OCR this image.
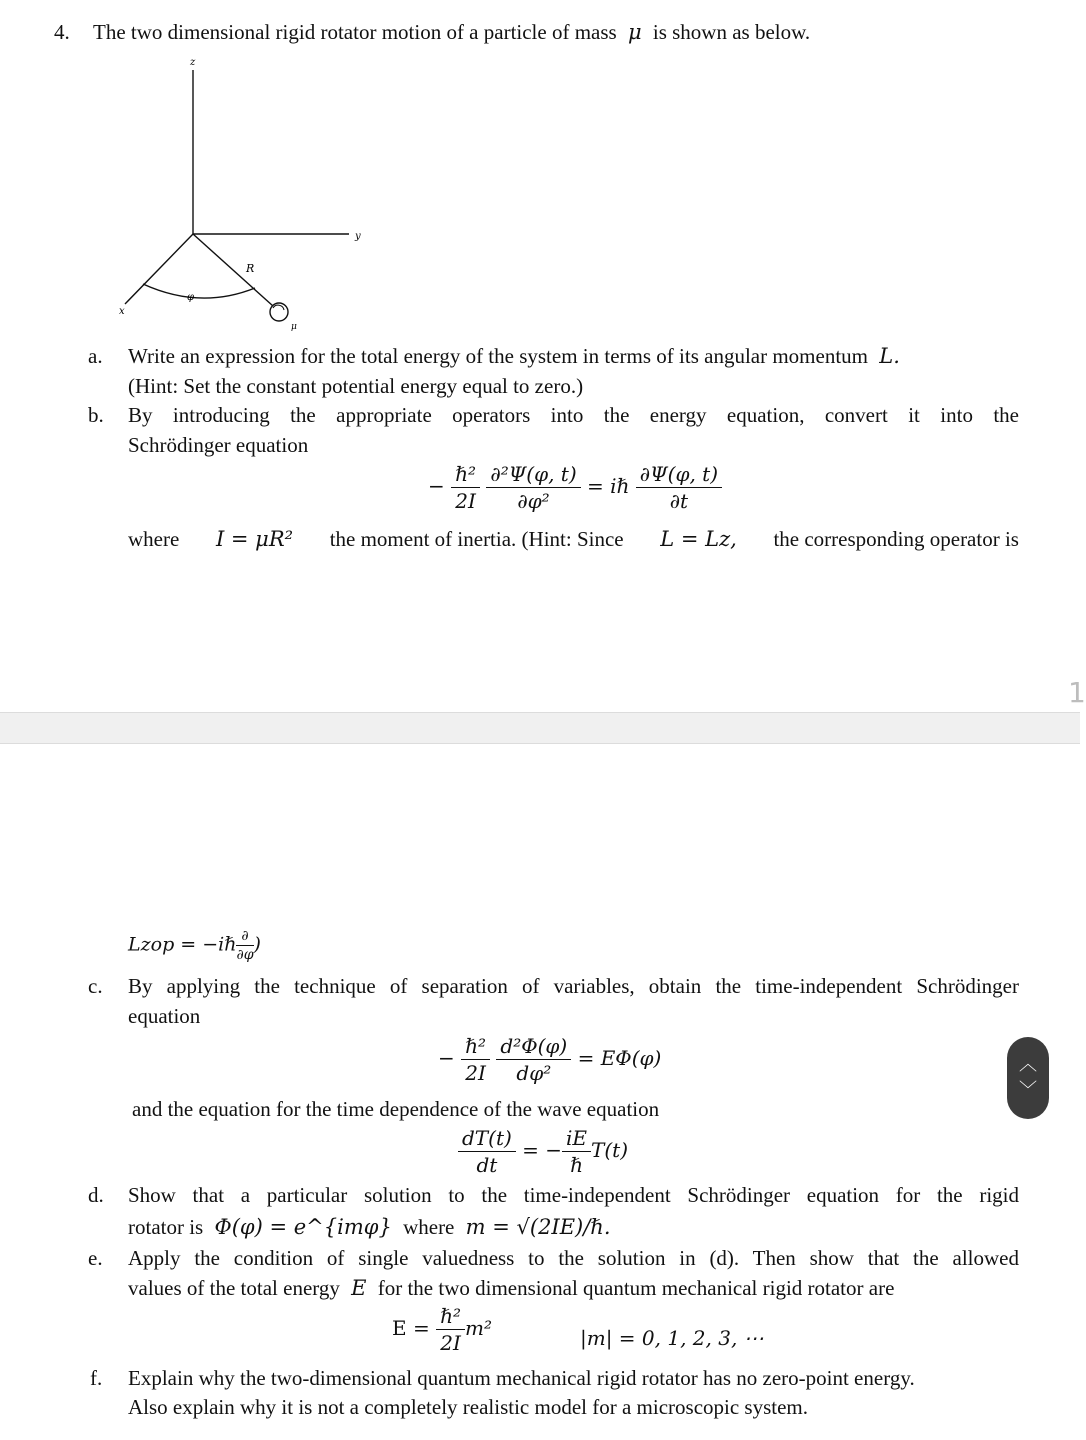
4. The two dimensional rigid rotator motion of a particle of mass μ is shown as below.
z
y
x
R
φ
μ
a. Write an expression for the total energy of the system in terms of its angular momentum L.
(Hint: Set the constant potential energy equal to zero.)
b. By introducing the appropriate operators into the energy equation, convert it into the
Schrödinger equation
− $\frac{\text{ℏ²}}{2I}$
$\frac{\text{∂²Ψ(φ, t)}}{\text{∂φ²}}$ = iℏ $\frac{\partial\Psi(\varphi, t)}{\partial t}$
where I = μR² the moment of inertia. (Hint: Since L = Lz, the corresponding operator is
1
Lzop = −iℏ $\frac{\partial}{\partial\varphi}$ )
c. By applying the technique of separation of variables, obtain the time-independent Schrödinger
equation
− $\frac{\text{ℏ²}}{2I}$
$\frac{\text{d²Φ(φ)}}{\text{dφ²}} = E\Phi(\varphi)$
and the equation for the time dependence of the wave equation
$\frac{dT(t)}{dt}$ = − $\frac{iE}{\text{ℏ}} T(t)$
d. Show that a particular solution to the time-independent Schrödinger equation for the rigid
rotator is Φ(φ) = e^{imφ} where m = √(2IE)/ℏ.
e. Apply the condition of single valuedness to the solution in (d). Then show that the allowed
values of the total energy E for the two dimensional quantum mechanical rigid rotator are
$E = \frac{\text{ℏ²}}{2I} m^2$	|m| = 0, 1, 2, 3, ⋯
f. Explain why the two-dimensional quantum mechanical rigid rotator has no zero-point energy.
Also explain why it is not a completely realistic model for a microscopic system.
︿
﹀
